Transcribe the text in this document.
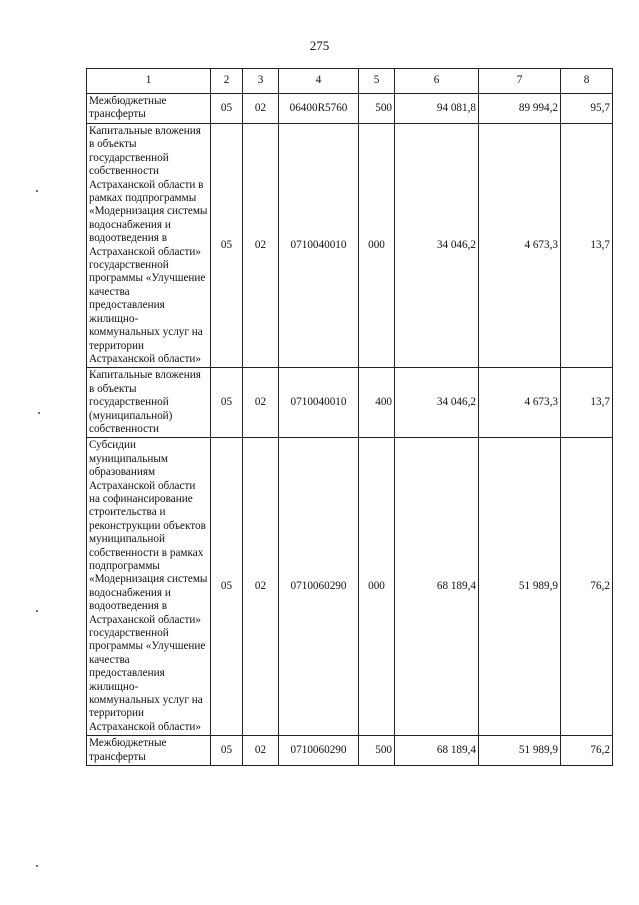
275
1	2	3	4	5	6	7	8
Межбюджетные трансферты	05	02	06400R5760	500	94 081,8	89 994,2	95,7
Капитальные вложения в объекты государственной собственности Астраханской области в рамках подпрограммы «Модернизация системы водоснабжения и водоотведения в Астраханской области» государственной программы «Улучшение качества предоставления жилищно-коммунальных услуг на территории Астраханской области»	05	02	0710040010	000	34 046,2	4 673,3	13,7
Капитальные вложения в объекты государственной (муниципальной) собственности	05	02	0710040010	400	34 046,2	4 673,3	13,7
Субсидии муниципальным образованиям Астраханской области на софинансирование строительства и реконструкции объектов муниципальной собственности в рамках подпрограммы «Модернизация системы водоснабжения и водоотведения в Астраханской области» государственной программы «Улучшение качества предоставления жилищно-коммунальных услуг на территории Астраханской области»	05	02	0710060290	000	68 189,4	51 989,9	76,2
Межбюджетные трансферты	05	02	0710060290	500	68 189,4	51 989,9	76,2
